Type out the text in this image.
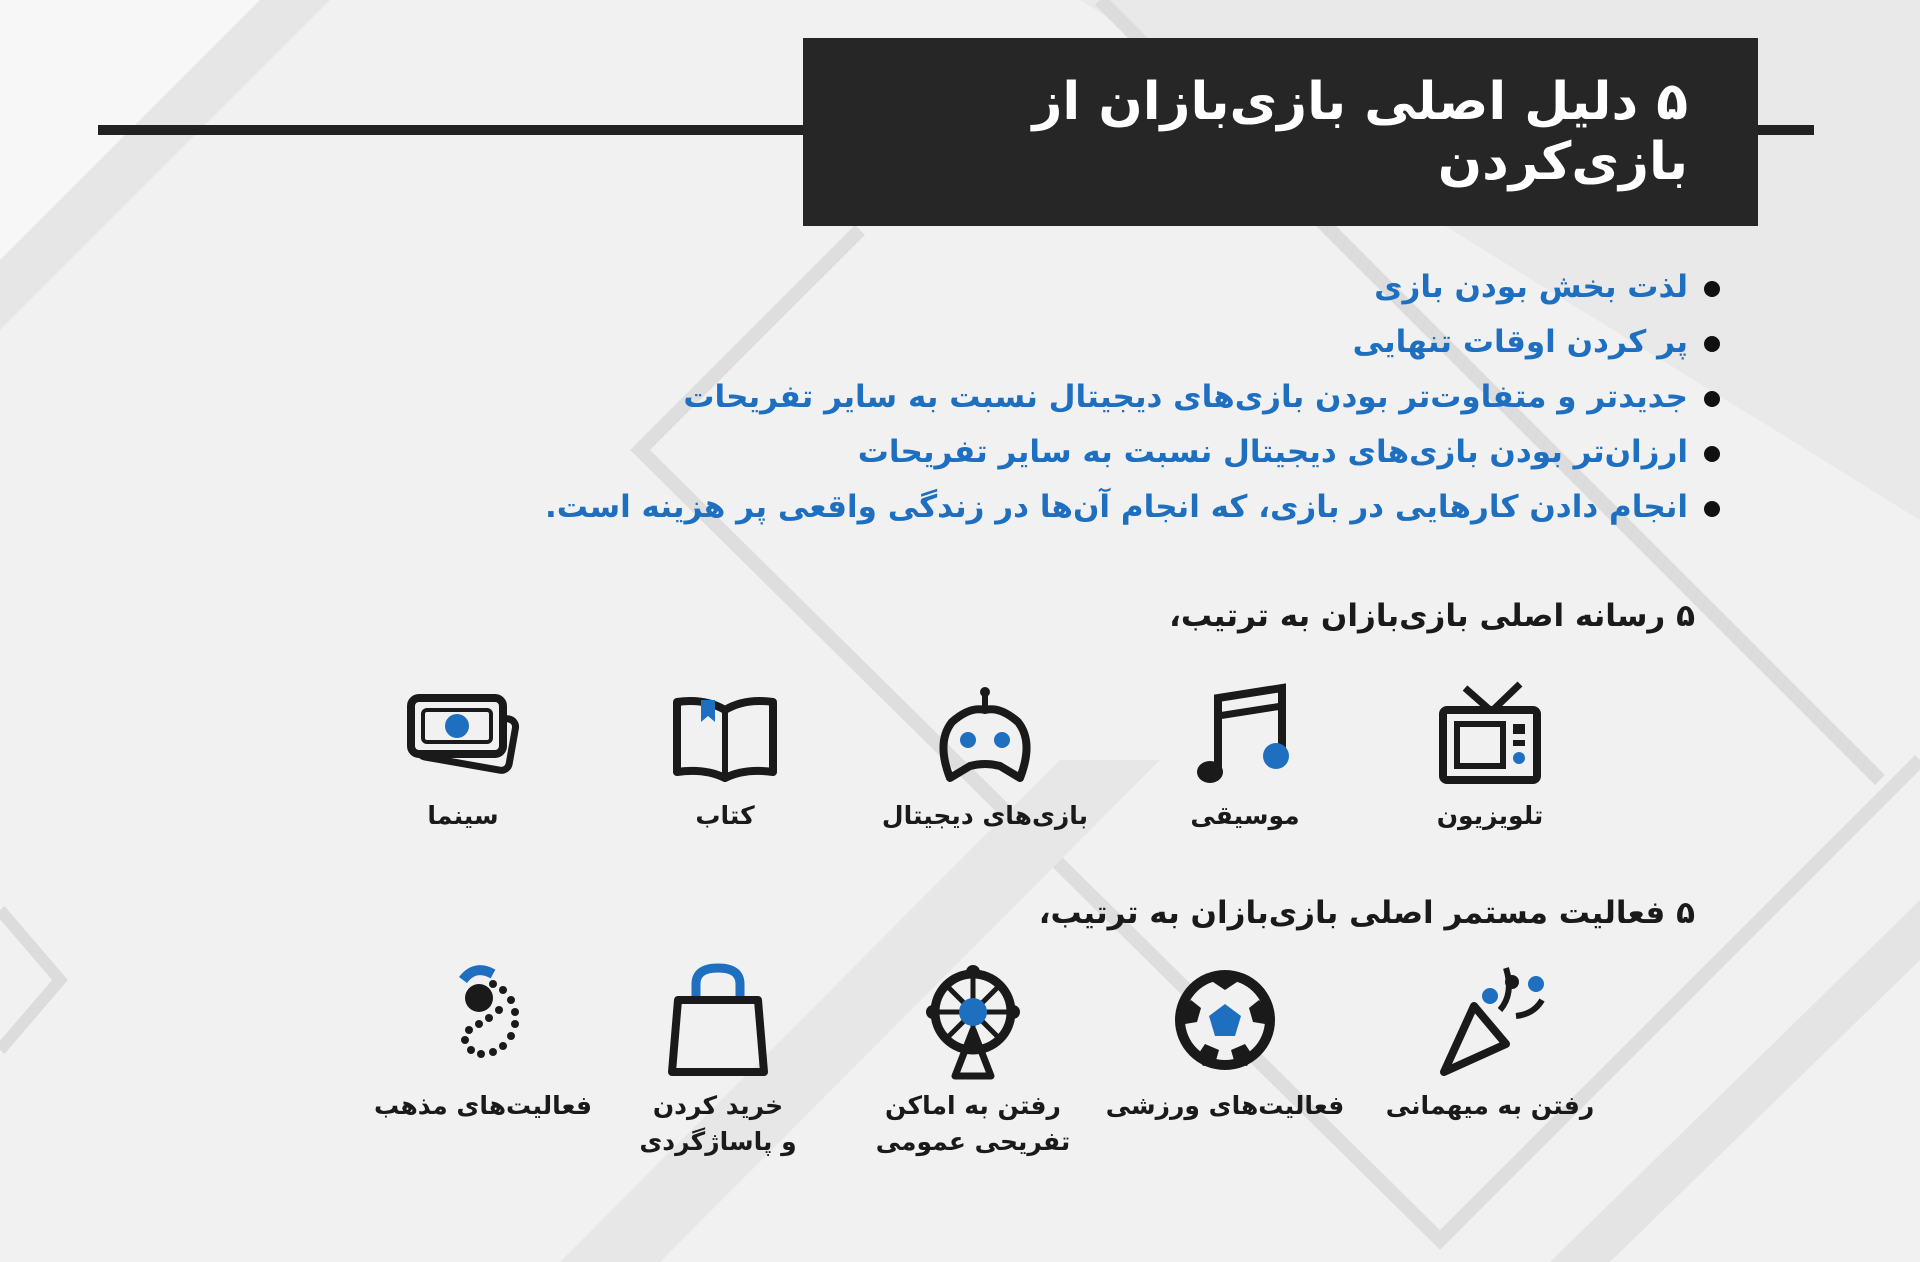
۵ دلیل اصلی بازی‌بازان از بازی‌کردن
لذت بخش بودن بازی
پر کردن اوقات تنهایی
جدیدتر و متفاوت‌تر بودن بازی‌های دیجیتال نسبت به سایر تفریحات
ارزان‌تر بودن بازی‌های دیجیتال نسبت به سایر تفریحات
انجام دادن کارهایی در بازی، که انجام آن‌ها در زندگی واقعی پر هزینه است.
۵ رسانه اصلی بازی‌بازان به ترتیب،
تلویزیون
موسیقی
بازی‌های دیجیتال
کتاب
سینما
۵ فعالیت مستمر اصلی بازی‌بازان به ترتیب،
رفتن به میهمانی
فعالیت‌های ورزشی
رفتن به اماکن
تفریحی عمومی
خرید کردن
و پاساژگردی
فعالیت‌های مذهب
